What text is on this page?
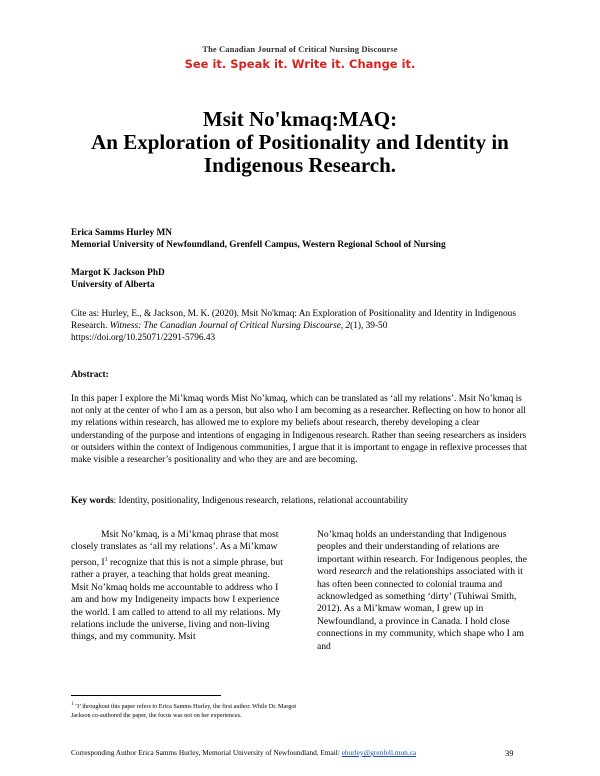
The Canadian Journal of Critical Nursing Discourse
See it. Speak it. Write it. Change it.
Msit No'kmaq:MAQ:
An Exploration of Positionality and Identity in
Indigenous Research.
Erica Samms Hurley MN
Memorial University of Newfoundland, Grenfell Campus, Western Regional School of Nursing
Margot K Jackson PhD
University of Alberta
Cite as: Hurley, E., & Jackson, M. K. (2020). Msit No'kmaq: An Exploration of Positionality and Identity in Indigenous Research. Witness: The Canadian Journal of Critical Nursing Discourse, 2(1), 39-50
https://doi.org/10.25071/2291-5796.43
Abstract:
In this paper I explore the Mi’kmaq words Mist No’kmaq, which can be translated as ‘all my relations’. Msit No’kmaq is not only at the center of who I am as a person, but also who I am becoming as a researcher. Reflecting on how to honor all my relations within research, has allowed me to explore my beliefs about research, thereby developing a clear understanding of the purpose and intentions of engaging in Indigenous research. Rather than seeing researchers as insiders or outsiders within the context of Indigenous communities, I argue that it is important to engage in reflexive processes that make visible a researcher’s positionality and who they are and are becoming.
Key words: Identity, positionality, Indigenous research, relations, relational accountability
Msit No’kmaq, is a Mi’kmaq phrase that most closely translates as ‘all my relations’. As a Mi’kmaw person, $I^1$ recognize that this is not a simple phrase, but rather a prayer, a teaching that holds great meaning. Msit No’kmaq holds me accountable to address who I am and how my Indigeneity impacts how I experience the world. I am called to attend to all my relations. My relations include the universe, living and non-living things, and my community. Msit
No’kmaq holds an understanding that Indigenous peoples and their understanding of relations are important within research. For Indigenous peoples, the word research and the relationships associated with it has often been connected to colonial trauma and acknowledged as something ‘dirty’ (Tuhiwai Smith, 2012). As a Mi’kmaw woman, I grew up in Newfoundland, a province in Canada. I hold close connections in my community, which shape who I am and
$^1$ ‘I’ throughout this paper refers to Erica Samms Hurley, the first author. While Dr. Margot Jackson co-authored the paper, the focus was not on her experiences.
Corresponding Author Erica Samms Hurley, Memorial University of Newfoundland. Email: ehurley@grenfell.mun.ca	39
